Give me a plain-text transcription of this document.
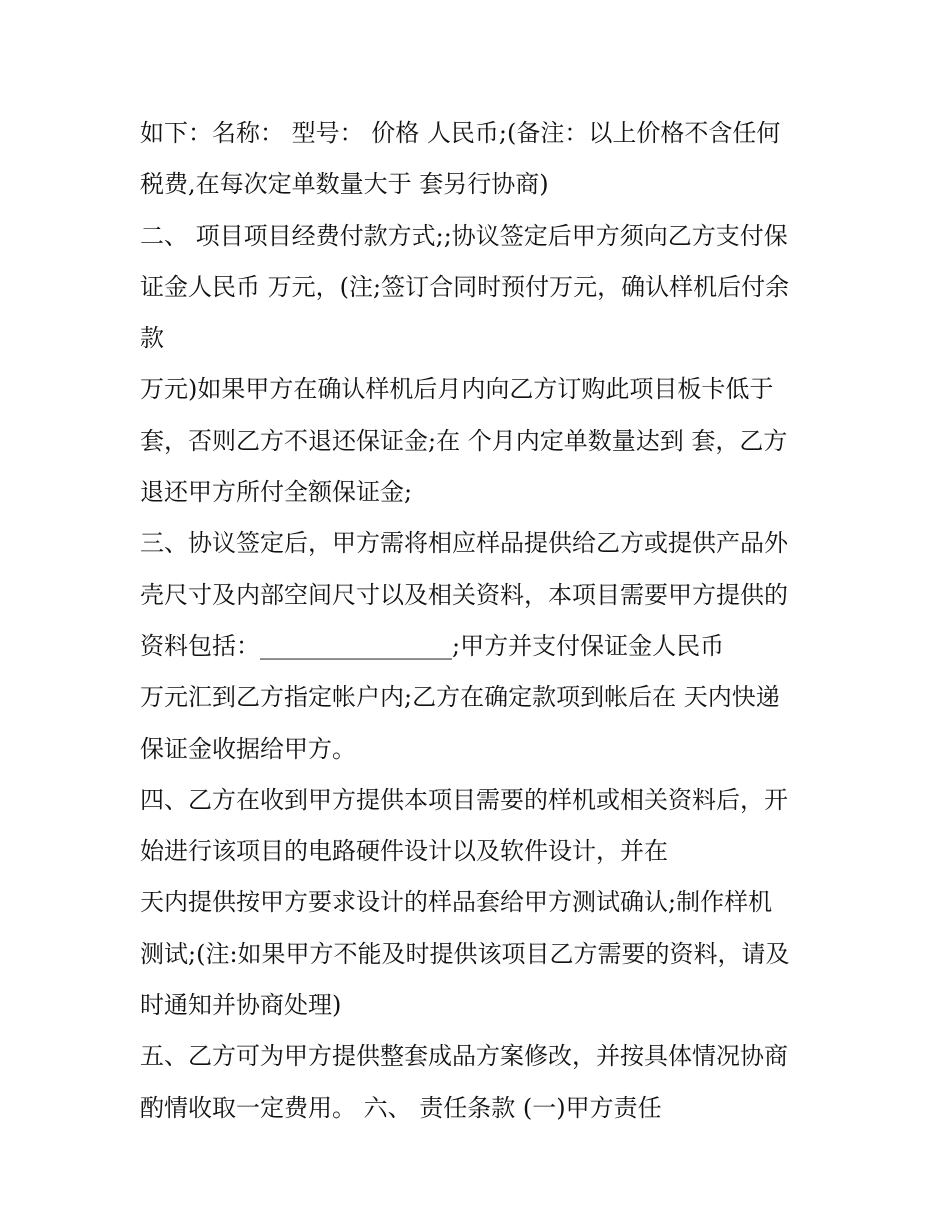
如下：名称： 型号： 价格 人民币;(备注：以上价格不含任何
税费,在每次定单数量大于 套另行协商)
二、 项目项目经费付款方式;;协议签定后甲方须向乙方支付保
证金人民币 万元，(注;签订合同时预付万元，确认样机后付余
款
万元)如果甲方在确认样机后月内向乙方订购此项目板卡低于
套，否则乙方不退还保证金;在 个月内定单数量达到 套，乙方
退还甲方所付全额保证金;
三、协议签定后，甲方需将相应样品提供给乙方或提供产品外
壳尺寸及内部空间尺寸以及相关资料，本项目需要甲方提供的
资料包括：________________;甲方并支付保证金人民币
万元汇到乙方指定帐户内;乙方在确定款项到帐后在 天内快递
保证金收据给甲方。
四、乙方在收到甲方提供本项目需要的样机或相关资料后，开
始进行该项目的电路硬件设计以及软件设计，并在
天内提供按甲方要求设计的样品套给甲方测试确认;制作样机
测试;(注:如果甲方不能及时提供该项目乙方需要的资料，请及
时通知并协商处理)
五、乙方可为甲方提供整套成品方案修改，并按具体情况协商
酌情收取一定费用。 六、 责任条款 (一)甲方责任
